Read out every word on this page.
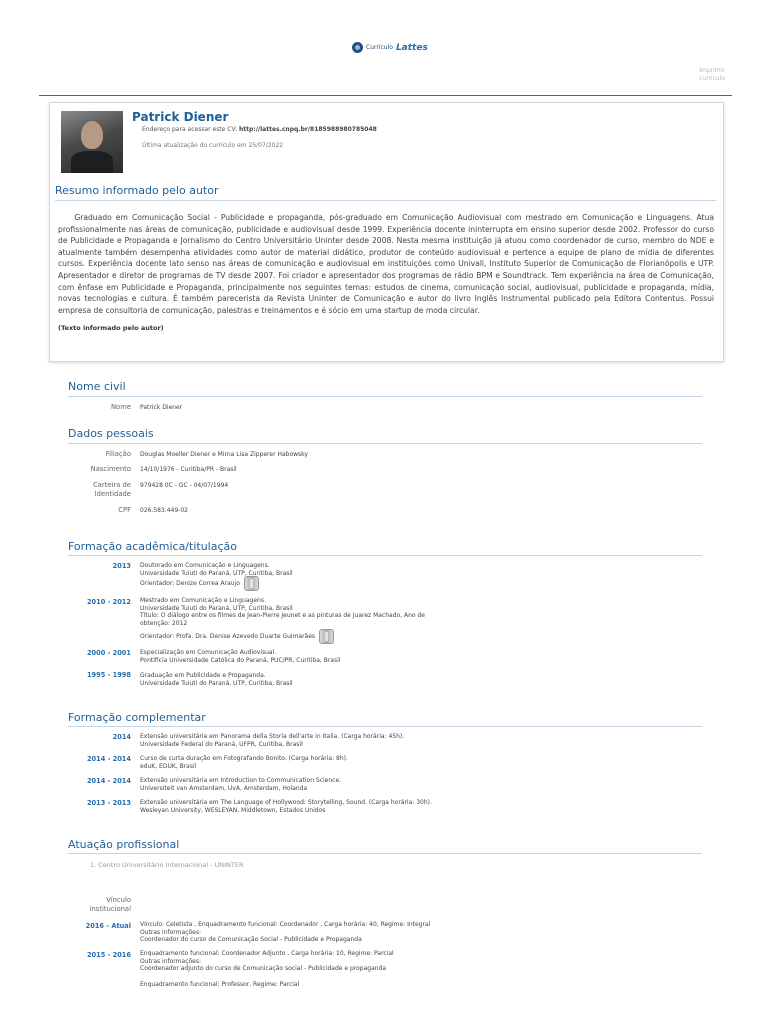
Currículo Lattes
Imprimir currículo
Patrick Diener
Endereço para acessar este CV: http://lattes.cnpq.br/8185988980785048
Última atualização do currículo em 25/07/2022
Resumo informado pelo autor
Graduado em Comunicação Social - Publicidade e propaganda, pós-graduado em Comunicação Audiovisual com mestrado em Comunicação e Linguagens. Atua profissionalmente nas áreas de comunicação, publicidade e audiovisual desde 1999. Experiência docente ininterrupta em ensino superior desde 2002. Professor do curso de Publicidade e Propaganda e Jornalismo do Centro Universitário Uninter desde 2008. Nesta mesma instituição já atuou como coordenador de curso, membro do NDE e atualmente também desempenha atividades como autor de material didático, produtor de conteúdo audiovisual e pertence a equipe de plano de mídia de diferentes cursos. Experiência docente lato senso nas áreas de comunicação e audiovisual em instituições como Univali, Instituto Superior de Comunicação de Florianópolis e UTP. Apresentador e diretor de programas de TV desde 2007. Foi criador e apresentador dos programas de rádio BPM e Soundtrack. Tem experiência na área de Comunicação, com ênfase em Publicidade e Propaganda, principalmente nos seguintes temas: estudos de cinema, comunicação social, audiovisual, publicidade e propaganda, mídia, novas tecnologias e cultura. É também parecerista da Revista Uninter de Comunicação e autor do livro Inglês Instrumental publicado pela Editora Contentus. Possui empresa de consultoria de comunicação, palestras e treinamentos e é sócio em uma startup de moda circular.
(Texto informado pelo autor)
Nome civil
Nome Patrick Diener
Dados pessoais
Filiação Douglas Moeller Diener e Mirna Lisa Zipperer Habowsky
Nascimento 14/10/1976 - Curitiba/PR - Brasil
Carteira de Identidade
979428 0C - GC - 04/07/1994
CPF 026.583.449-02
Formação acadêmica/titulação
2013 Doutorado em Comunicação e Linguagens.
Universidade Tuiuti do Paraná, UTP, Curitiba, Brasil
Orientador: Denize Correa Araujo
2010 - 2012 Mestrado em Comunicação e Linguagens.
Universidade Tuiuti do Paraná, UTP, Curitiba, Brasil
Título: O diálogo entre os filmes de Jean-Pierre Jeunet e as pinturas de Juarez Machado, Ano de
obtenção: 2012
Orientador: Profa. Dra. Denise Azevedo Duarte Guimarães
2000 - 2001 Especialização em Comunicação Audiovisual.
Pontifícia Universidade Católica do Paraná, PUC/PR, Curitiba, Brasil
1995 - 1998 Graduação em Publicidade e Propaganda.
Universidade Tuiuti do Paraná, UTP, Curitiba, Brasil
Formação complementar
2014 Extensão universitária em Panorama della Storia dell'arte in Italia. (Carga horária: 45h).
Universidade Federal do Paraná, UFPR, Curitiba, Brasil
2014 - 2014 Curso de curta duração em Fotografando Bonito. (Carga horária: 8h).
eduK, EDUK, Brasil
2014 - 2014 Extensão universitária em Introduction to Communication Science.
Universiteit van Amsterdam, UvA, Amsterdam, Holanda
2013 - 2013 Extensão universitária em The Language of Hollywood: Storytelling, Sound. (Carga horária: 30h).
Wesleyan University, WESLEYAN, Middletown, Estados Unidos
Atuação profissional
1. Centro Universitário Internacional - UNINTER
Vínculo institucional
2016 - Atual Vínculo: Celetista , Enquadramento funcional: Coordenador , Carga horária: 40, Regime: Integral
Outras informações:
Coordenador do curso de Comunicação Social - Publicidade e Propaganda
2015 - 2016 Enquadramento funcional: Coordenador Adjunto , Carga horária: 10, Regime: Parcial
Outras informações:
Coordenador adjunto do curso de Comunicação social - Publicidade e propaganda
Enquadramento funcional: Professor, Regime: Parcial
